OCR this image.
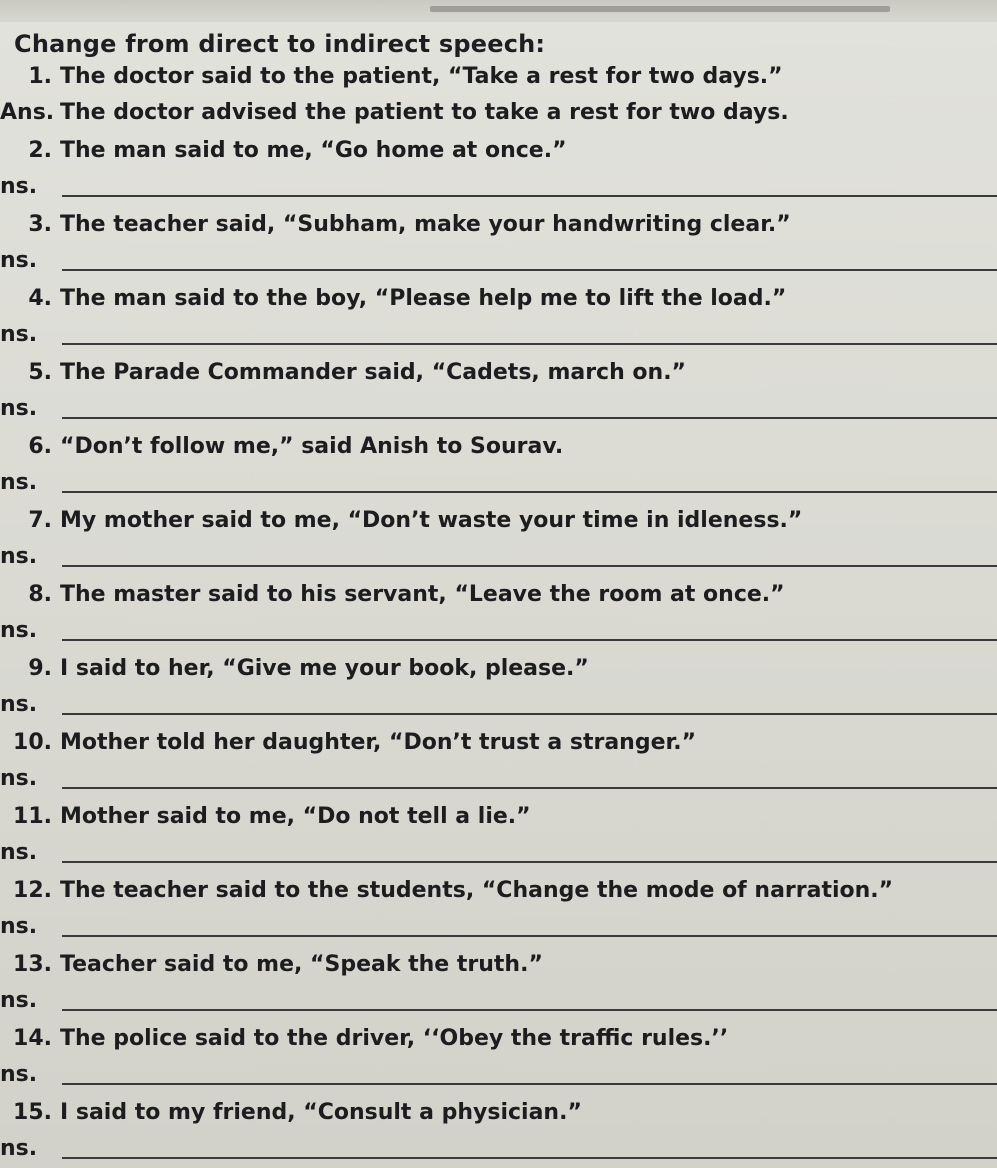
Change from direct to indirect speech:
1. The doctor said to the patient, “Take a rest for two days.”
Ans. The doctor advised the patient to take a rest for two days.
2. The man said to me, “Go home at once.”
ns.
3. The teacher said, “Subham, make your handwriting clear.”
ns.
4. The man said to the boy, “Please help me to lift the load.”
ns.
5. The Parade Commander said, “Cadets, march on.”
ns.
6. “Don’t follow me,” said Anish to Sourav.
ns.
7. My mother said to me, “Don’t waste your time in idleness.”
ns.
8. The master said to his servant, “Leave the room at once.”
ns.
9. I said to her, “Give me your book, please.”
ns.
10. Mother told her daughter, “Don’t trust a stranger.”
ns.
11. Mother said to me, “Do not tell a lie.”
ns.
12. The teacher said to the students, “Change the mode of narration.”
ns.
13. Teacher said to me, “Speak the truth.”
ns.
14. The police said to the driver, ‘‘Obey the traffic rules.’’
ns.
15. I said to my friend, “Consult a physician.”
ns.
